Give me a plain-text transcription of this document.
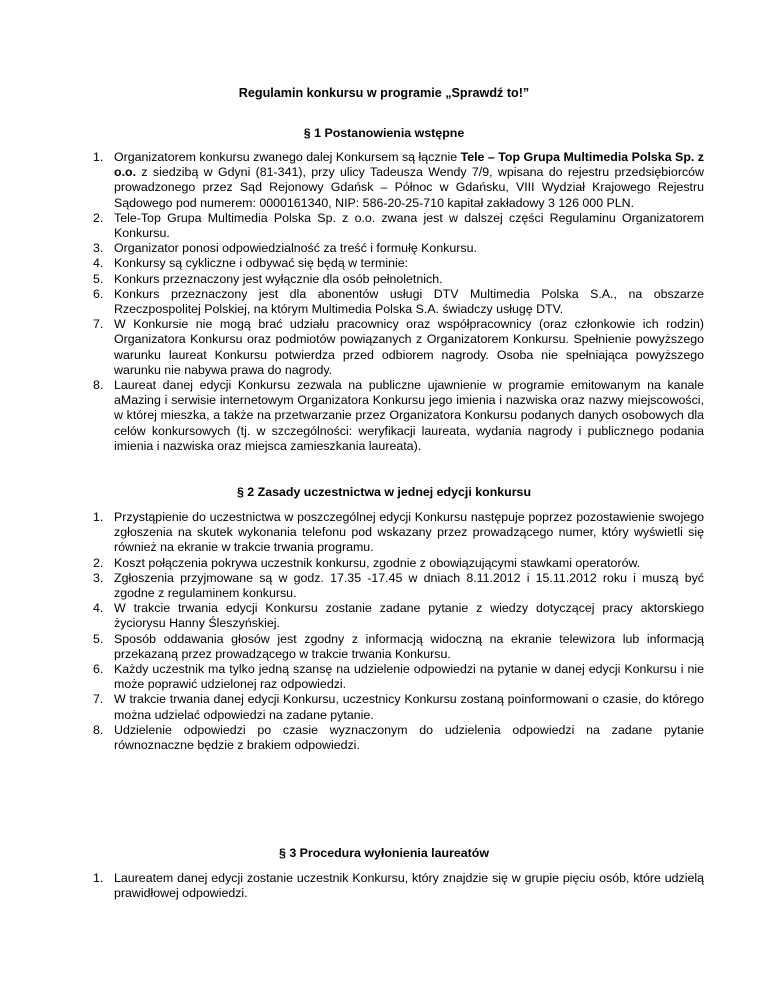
Regulamin konkursu w programie „Sprawdź to!”
§ 1 Postanowienia wstępne
1. Organizatorem konkursu zwanego dalej Konkursem są łącznie Tele – Top Grupa Multimedia Polska Sp. z o.o. z siedzibą w Gdyni (81-341), przy ulicy Tadeusza Wendy 7/9, wpisana do rejestru przedsiębiorców prowadzonego przez Sąd Rejonowy Gdańsk – Północ w Gdańsku, VIII Wydział Krajowego Rejestru Sądowego pod numerem: 0000161340, NIP: 586-20-25-710 kapitał zakładowy 3 126 000 PLN.
2. Tele-Top Grupa Multimedia Polska Sp. z o.o. zwana jest w dalszej części Regulaminu Organizatorem Konkursu.
3. Organizator ponosi odpowiedzialność za treść i formułę Konkursu.
4. Konkursy są cykliczne i odbywać się będą w terminie:
5. Konkurs przeznaczony jest wyłącznie dla osób pełnoletnich.
6. Konkurs przeznaczony jest dla abonentów usługi DTV Multimedia Polska S.A., na obszarze Rzeczpospolitej Polskiej, na którym Multimedia Polska S.A. świadczy usługę DTV.
7. W Konkursie nie mogą brać udziału pracownicy oraz współpracownicy (oraz członkowie ich rodzin) Organizatora Konkursu oraz podmiotów powiązanych z Organizatorem Konkursu. Spełnienie powyższego warunku laureat Konkursu potwierdza przed odbiorem nagrody. Osoba nie spełniająca powyższego warunku nie nabywa prawa do nagrody.
8. Laureat danej edycji Konkursu zezwala na publiczne ujawnienie w programie emitowanym na kanale aMazing i serwisie internetowym Organizatora Konkursu jego imienia i nazwiska oraz nazwy miejscowości, w której mieszka, a także na przetwarzanie przez Organizatora Konkursu podanych danych osobowych dla celów konkursowych (tj. w szczególności: weryfikacji laureata, wydania nagrody i publicznego podania imienia i nazwiska oraz miejsca zamieszkania laureata).
§ 2 Zasady uczestnictwa w jednej edycji konkursu
1. Przystąpienie do uczestnictwa w poszczególnej edycji Konkursu następuje poprzez pozostawienie swojego zgłoszenia na skutek wykonania telefonu pod wskazany przez prowadzącego numer, który wyświetli się również na ekranie w trakcie trwania programu.
2. Koszt połączenia pokrywa uczestnik konkursu, zgodnie z obowiązującymi stawkami operatorów.
3. Zgłoszenia przyjmowane są w godz. 17.35 -17.45 w dniach 8.11.2012 i 15.11.2012 roku i muszą być zgodne z regulaminem konkursu.
4. W trakcie trwania edycji Konkursu zostanie zadane pytanie z wiedzy dotyczącej pracy aktorskiego życiorysu Hanny Śleszyńskiej.
5. Sposób oddawania głosów jest zgodny z informacją widoczną na ekranie telewizora lub informacją przekazaną przez prowadzącego w trakcie trwania Konkursu.
6. Każdy uczestnik ma tylko jedną szansę na udzielenie odpowiedzi na pytanie w danej edycji Konkursu i nie może poprawić udzielonej raz odpowiedzi.
7. W trakcie trwania danej edycji Konkursu, uczestnicy Konkursu zostaną poinformowani o czasie, do którego można udzielać odpowiedzi na zadane pytanie.
8. Udzielenie odpowiedzi po czasie wyznaczonym do udzielenia odpowiedzi na zadane pytanie równoznaczne będzie z brakiem odpowiedzi.
§ 3 Procedura wyłonienia laureatów
1. Laureatem danej edycji zostanie uczestnik Konkursu, który znajdzie się w grupie pięciu osób, które udzielą prawidłowej odpowiedzi.
